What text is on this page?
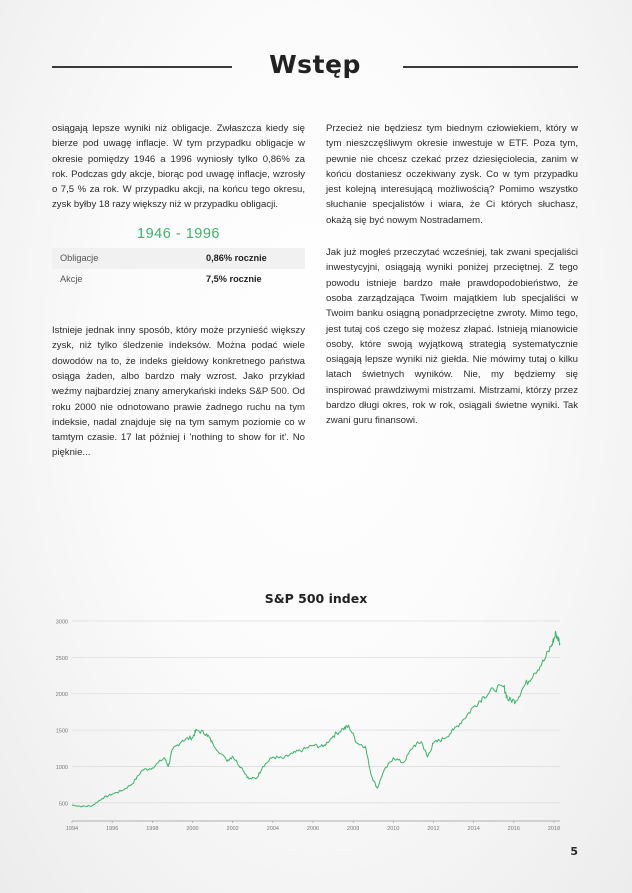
Wstęp

osiągają lepsze wyniki niż obligacje. Zwłaszcza kiedy się bierze pod uwagę inflacje. W tym przypadku obligacje w okresie pomiędzy 1946 a 1996 wyniosły tylko 0,86% za rok. Podczas gdy akcje, biorąc pod uwagę inflacje, wzrosły o 7,5 % za rok. W przypadku akcji, na końcu tego okresu, zysk byłby 18 razy większy niż w przypadku obligacji.

1946 - 1996
Obligacje	0,86% rocznie
Akcje	7,5% rocznie

Istnieje jednak inny sposób, który może przynieść większy zysk, niż tylko śledzenie indeksów. Można podać wiele dowodów na to, że indeks giełdowy konkretnego państwa osiąga żaden, albo bardzo mały wzrost. Jako przykład weźmy najbardziej znany amerykański indeks S&P 500. Od roku 2000 nie odnotowano prawie żadnego ruchu na tym indeksie, nadal znajduje się na tym samym poziomie co w tamtym czasie. 17 lat później i 'nothing to show for it'. No pięknie...

Przecież nie będziesz tym biednym człowiekiem, który w tym nieszczęśliwym okresie inwestuje w ETF. Poza tym, pewnie nie chcesz czekać przez dziesięciolecia, zanim w końcu dostaniesz oczekiwany zysk. Co w tym przypadku jest kolejną interesującą możliwością? Pomimo wszystko słuchanie specjalistów i wiara, że Ci których słuchasz, okażą się być nowym Nostradamem.

Jak już mogłeś przeczytać wcześniej, tak zwani specjaliści inwestycyjni, osiągają wyniki poniżej przeciętnej. Z tego powodu istnieje bardzo małe prawdopodobieństwo, że osoba zarządzająca Twoim majątkiem lub specjaliści w Twoim banku osiągną ponadprzeciętne zwroty. Mimo tego, jest tutaj coś czego się możesz złapać. Istnieją mianowicie osoby, które swoją wyjątkową strategią systematycznie osiągają lepsze wyniki niż giełda. Nie mówimy tutaj o kilku latach świetnych wyników. Nie, my będziemy się inspirować prawdziwymi mistrzami. Mistrzami, którzy przez bardzo długi okres, rok w rok, osiągali świetne wyniki. Tak zwani guru finansowi.

S&P 500 index
500
1000
1500
2000
2500
3000
1994	1996	1998	2000	2002	2004	2006	2008	2010	2012	2014	2016	2018
5
